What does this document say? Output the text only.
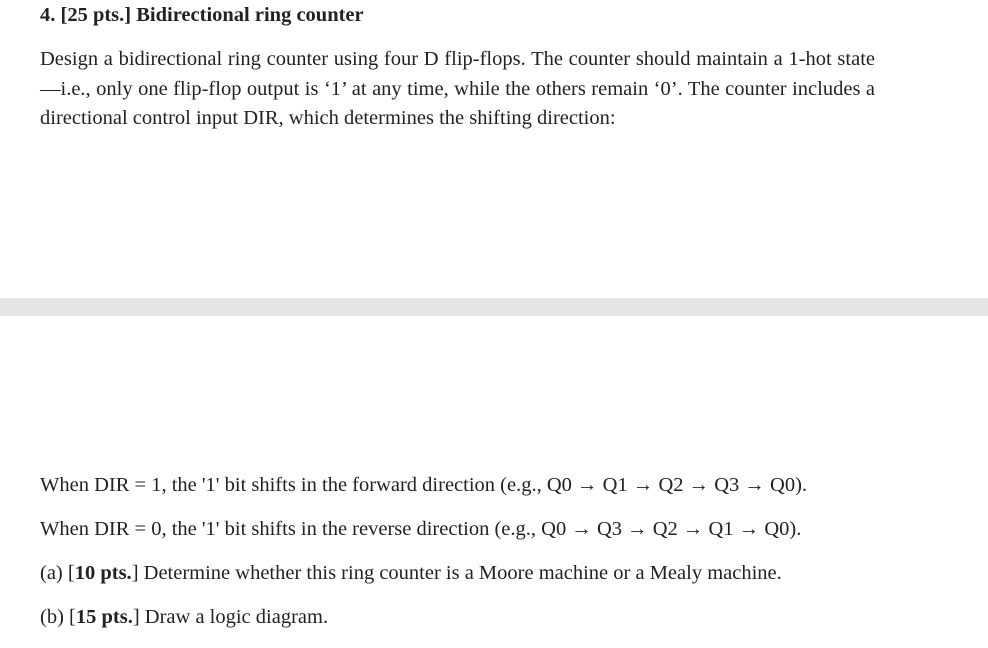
4. [25 pts.] Bidirectional ring counter

Design a bidirectional ring counter using four D flip-flops. The counter should maintain a 1-hot state—i.e., only one flip-flop output is ‘1’ at any time, while the others remain ‘0’. The counter includes a directional control input DIR, which determines the shifting direction:

When DIR = 1, the '1' bit shifts in the forward direction (e.g., Q0 → Q1 → Q2 → Q3 → Q0).

When DIR = 0, the '1' bit shifts in the reverse direction (e.g., Q0 → Q3 → Q2 → Q1 → Q0).

(a) [10 pts.] Determine whether this ring counter is a Moore machine or a Mealy machine.

(b) [15 pts.] Draw a logic diagram.
